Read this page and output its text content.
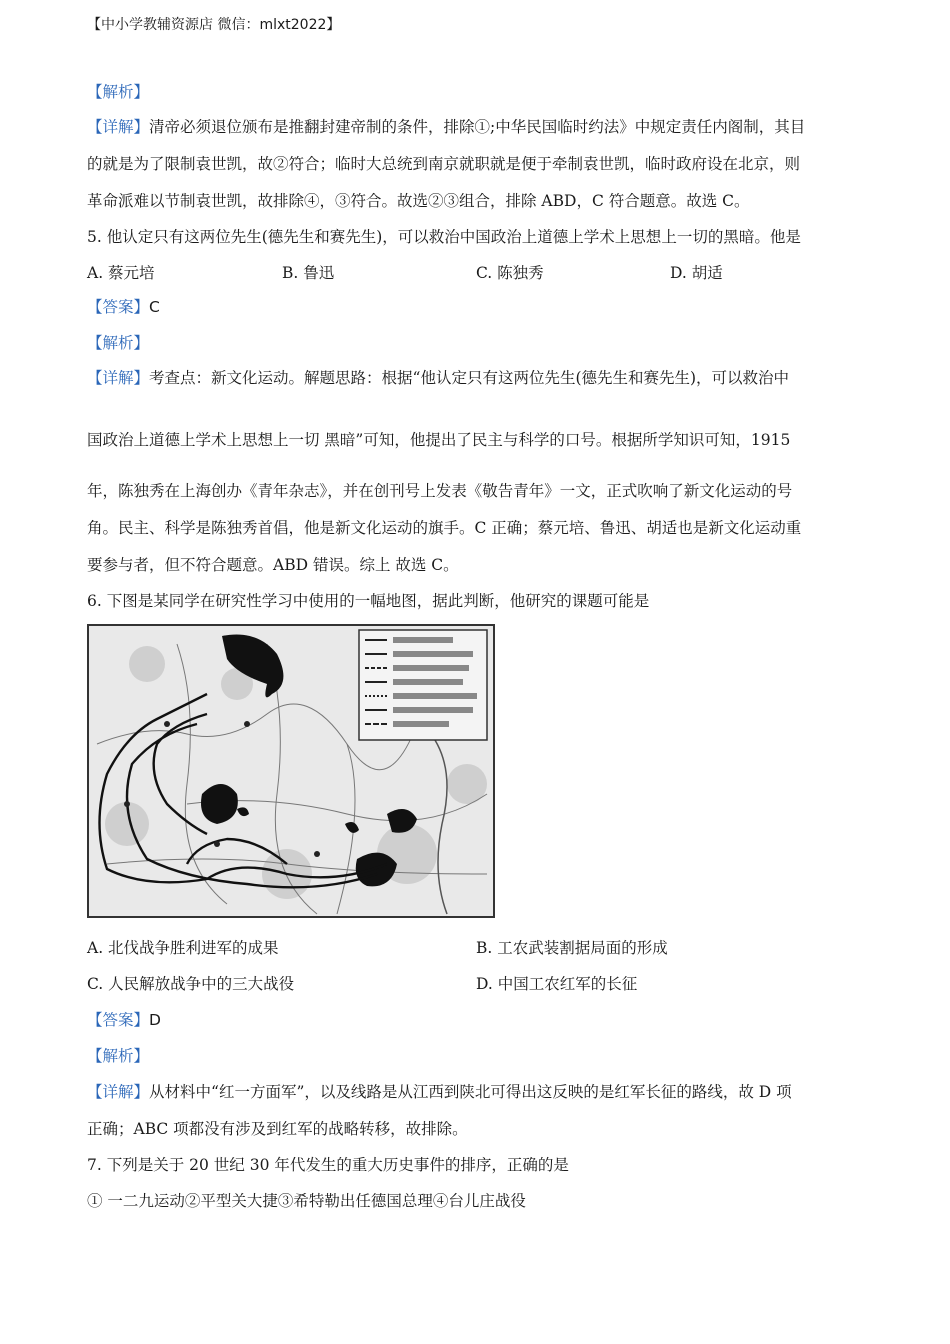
【中小学教辅资源店 微信：mlxt2022】
【解析】
【详解】清帝必须退位颁布是推翻封建帝制的条件，排除①;中华民国临时约法》中规定责任内阁制，其目
的就是为了限制袁世凯，故②符合；临时大总统到南京就职就是便于牵制袁世凯，临时政府设在北京，则
革命派难以节制袁世凯，故排除④，③符合。故选②③组合，排除 ABD，C 符合题意。故选 C。
5. 他认定只有这两位先生(德先生和赛先生)，可以救治中国政治上道德上学术上思想上一切的黑暗。他是
A. 蔡元培	B. 鲁迅	C. 陈独秀	D. 胡适
【答案】C
【解析】
【详解】考查点：新文化运动。解题思路：根据“他认定只有这两位先生(德先生和赛先生)，可以救治中
国政治上道德上学术上思想上一切 黑暗”可知，他提出了民主与科学的口号。根据所学知识可知，1915
年，陈独秀在上海创办《青年杂志》，并在创刊号上发表《敬告青年》一文，正式吹响了新文化运动的号
角。民主、科学是陈独秀首倡，他是新文化运动的旗手。C 正确；蔡元培、鲁迅、胡适也是新文化运动重
要参与者，但不符合题意。ABD 错误。综上 故选 C。
6. 下图是某同学在研究性学习中使用的一幅地图，据此判断，他研究的课题可能是
A. 北伐战争胜利进军的成果	B. 工农武装割据局面的形成
C. 人民解放战争中的三大战役	D. 中国工农红军的长征
【答案】D
【解析】
【详解】从材料中“红一方面军”，以及线路是从江西到陕北可得出这反映的是红军长征的路线，故 D 项
正确；ABC 项都没有涉及到红军的战略转移，故排除。
7. 下列是关于 20 世纪 30 年代发生的重大历史事件的排序，正确的是
① 一二九运动②平型关大捷③希特勒出任德国总理④台儿庄战役
